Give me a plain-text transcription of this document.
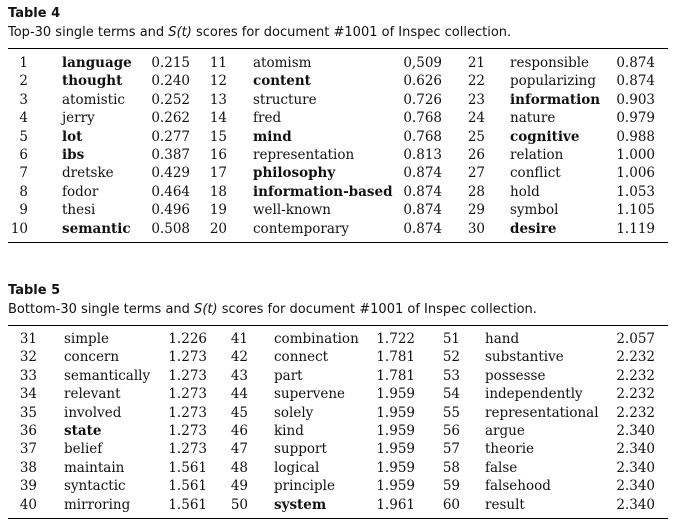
Table 4
Top-30 single terms and S(t) scores for document #1001 of Inspec collection.
1	language 0.215 11 atomism	0,509 21 responsible 0.874
2	thought 0.240 12 content	0.626 22 popularizing 0.874
3	atomistic 0.252 13 structure	0.726 23 information 0.903
4	jerry	0.262 14 fred	0.768 24 nature	0.979
5	lot	0.277 15 mind	0.768 25 cognitive	0.988
6	ibs	0.387 16 representation	0.813 26 relation	1.000
7	dretske	0.429 17 philosophy	0.874 27 conflict	1.006
8	fodor	0.464 18 information-based 0.874 28 hold	1.053
9	thesi	0.496 19 well-known	0.874 29 symbol	1.105
10	semantic 0.508 20 contemporary	0.874 30 desire	1.119
Table 5
Bottom-30 single terms and S(t) scores for document #1001 of Inspec collection.
31 simple	1.226 41 combination 1.722 51 hand	2.057
32 concern	1.273 42 connect	1.781 52 substantive	2.232
33 semantically 1.273 43 part	1.781 53 possesse	2.232
34 relevant	1.273 44 supervene 1.959 54 independently 2.232
35 involved	1.273 45 solely	1.959 55 representational 2.232
36 state	1.273 46 kind	1.959 56 argue	2.340
37 belief	1.273 47 support	1.959 57 theorie	2.340
38 maintain	1.561 48 logical	1.959 58 false	2.340
39 syntactic	1.561 49 principle	1.959 59 falsehood	2.340
40 mirroring	1.561 50 system	1.961 60 result	2.340
